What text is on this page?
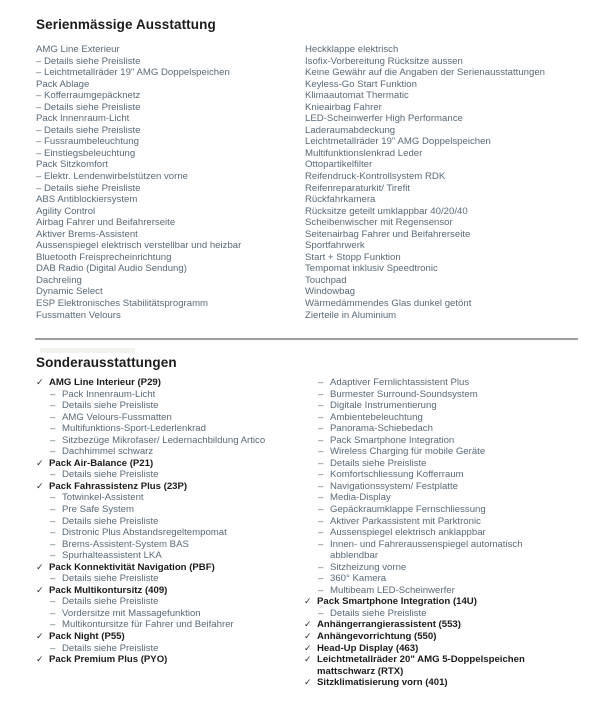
Serienmässige Ausstattung
AMG Line Exterieur
– Details siehe Preisliste
– Leichtmetallräder 19" AMG Doppelspeichen
Pack Ablage
– Kofferraumgepäcknetz
– Details siehe Preisliste
Pack Innenraum-Licht
– Details siehe Preisliste
– Fussraumbeleuchtung
– Einstiegsbeleuchtung
Pack Sitzkomfort
– Elektr. Lendenwirbelstützen vorne
– Details siehe Preisliste
ABS Antiblockiersystem
Agility Control
Airbag Fahrer und Beifahrerseite
Aktiver Brems-Assistent
Aussenspiegel elektrisch verstellbar und heizbar
Bluetooth Freisprecheinrichtung
DAB Radio (Digital Audio Sendung)
Dachreling
Dynamic Select
ESP Elektronisches Stabilitätsprogramm
Fussmatten Velours
Heckklappe elektrisch
Isofix-Vorbereitung Rücksitze aussen
Keine Gewähr auf die Angaben der Serienausstattungen
Keyless-Go Start Funktion
Klimaautomat Thermatic
Knieairbag Fahrer
LED-Scheinwerfer High Performance
Laderaumabdeckung
Leichtmetallräder 19" AMG Doppelspeichen
Multifunktionslenkrad Leder
Ottopartikelfilter
Reifendruck-Kontrollsystem RDK
Reifenreparaturkit/ Tirefit
Rückfahrkamera
Rücksitze geteilt umklappbar 40/20/40
Scheibenwischer mit Regensensor
Seitenairbag Fahrer und Beifahrerseite
Sportfahrwerk
Start + Stopp Funktion
Tempomat inklusiv Speedtronic
Touchpad
Windowbag
Wärmedämmendes Glas dunkel getönt
Zierteile in Aluminium
Sonderausstattungen
✓ AMG Line Interieur (P29)
– Pack Innenraum-Licht
– Details siehe Preisliste
– AMG Velours-Fussmatten
– Multifunktions-Sport-Lederlenkrad
– Sitzbezüge Mikrofaser/ Ledernachbildung Artico
– Dachhimmel schwarz
✓ Pack Air-Balance (P21)
– Details siehe Preisliste
✓ Pack Fahrassistenz Plus (23P)
– Totwinkel-Assistent
– Pre Safe System
– Details siehe Preisliste
– Distronic Plus Abstandsregeltempomat
– Brems-Assistent-System BAS
– Spurhalteassistent LKA
✓ Pack Konnektivität Navigation (PBF)
– Details siehe Preisliste
✓ Pack Multikontursitz (409)
– Details siehe Preisliste
– Vordersitze mit Massagefunktion
– Multikontursitze für Fahrer und Beifahrer
✓ Pack Night (P55)
– Details siehe Preisliste
✓ Pack Premium Plus (PYO)
– Adaptiver Fernlichtassistent Plus
– Burmester Surround-Soundsystem
– Digitale Instrumentierung
– Ambientebeleuchtung
– Panorama-Schiebedach
– Pack Smartphone Integration
– Wireless Charging für mobile Geräte
– Details siehe Preisliste
– Komfortschliessung Kofferraum
– Navigationssystem/ Festplatte
– Media-Display
– Gepäckraumklappe Fernschliessung
– Aktiver Parkassistent mit Parktronic
– Aussenspiegel elektrisch anklappbar
– Innen- und Fahreraussenspiegel automatisch abblendbar
– Sitzheizung vorne
– 360° Kamera
– Multibeam LED-Scheinwerfer
✓ Pack Smartphone Integration (14U)
– Details siehe Preisliste
✓ Anhängerrangierassistent (553)
✓ Anhängevorrichtung (550)
✓ Head-Up Display (463)
✓ Leichtmetallräder 20" AMG 5-Doppelspeichen mattschwarz (RTX)
✓ Sitzklimatisierung vorn (401)
